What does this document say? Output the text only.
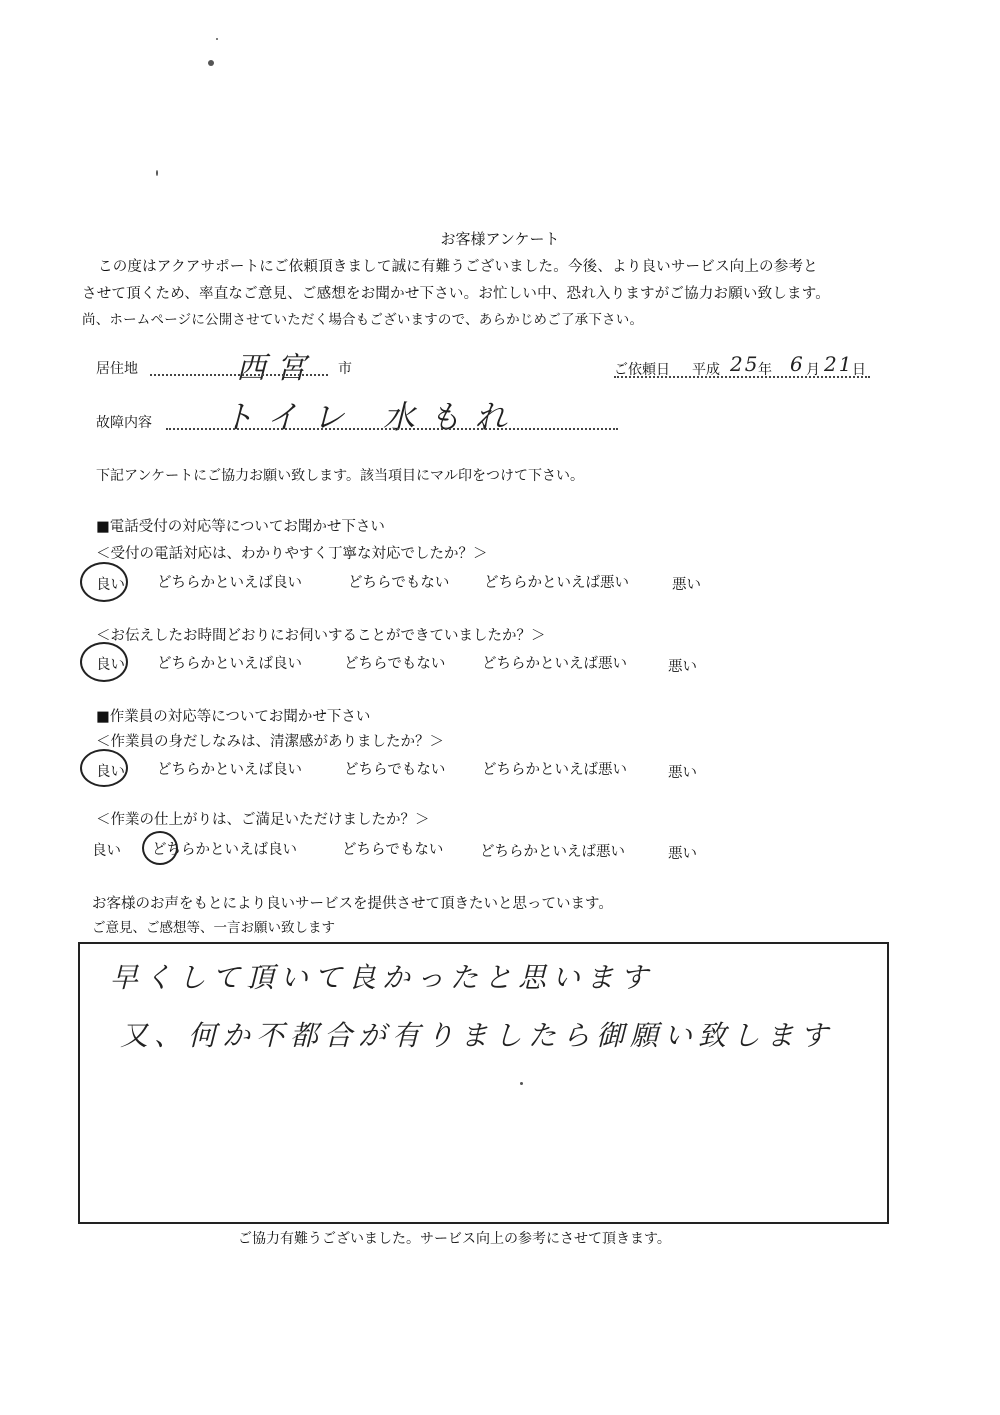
お客様アンケート
この度はアクアサポートにご依頼頂きまして誠に有難うございました。今後、より良いサービス向上の参考と
させて頂くため、率直なご意見、ご感想をお聞かせ下さい。お忙しい中、恐れ入りますがご協力お願い致します。
尚、ホームページに公開させていただく場合もございますので、あらかじめご了承下さい。
居住地	西宮 市	ご依頼日 平成 25
年 6 月 21
日
故障内容 トイレ 水もれ
下記アンケートにご協力お願い致します。該当項目にマル印をつけて下さい。
■電話受付の対応等についてお聞かせ下さい
＜受付の電話対応は、わかりやすく丁寧な対応でしたか？＞
良い どちらかといえば良い	どちらでもない どちらかといえば悪い	悪い
＜お伝えしたお時間どおりにお伺いすることができていましたか？＞
良い どちらかといえば良い	どちらでもない	どちらかといえば悪い	悪い
■作業員の対応等についてお聞かせ下さい
＜作業員の身だしなみは、清潔感がありましたか？＞
良い どちらかといえば良い	どちらでもない	どちらかといえば悪い	悪い
＜作業の仕上がりは、ご満足いただけましたか？＞
良い どちらかといえば良い	どちらでもない	どちらかといえば悪い	悪い
お客様のお声をもとにより良いサービスを提供させて頂きたいと思っています。
ご意見、ご感想等、一言お願い致します
早くして頂いて良かったと思います
又、何か不都合が有りましたら御願い致します
ご協力有難うございました。サービス向上の参考にさせて頂きます。
